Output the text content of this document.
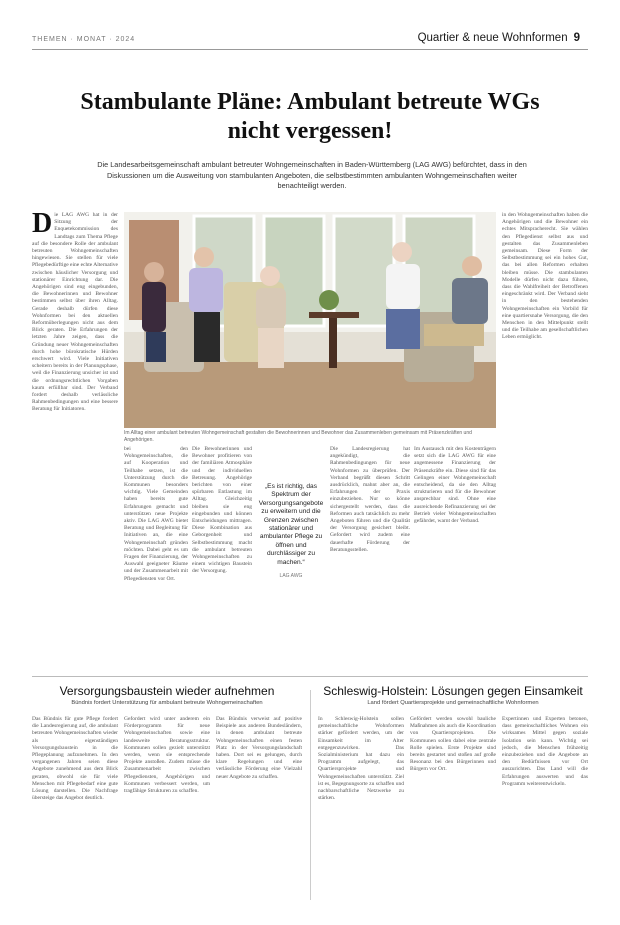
THEMEN · MONAT · 2024	Quartier & neue Wohnformen 9
Stambulante Pläne: Ambulant betreute WGs nicht vergessen!

Die Landesarbeitsgemeinschaft ambulant betreuter Wohngemeinschaften in Baden-Württemberg (LAG AWG) befürchtet, dass in den Diskussionen um die Ausweitung von stambulanten Angeboten, die selbstbestimmten ambulanten Wohngemeinschaften weiter benachteiligt werden.

Die LAG AWG hat in der Sitzung der Enquetekommission des Landtags zum Thema Pflege auf die besondere Rolle der ambulant betreuten Wohngemeinschaften hingewiesen. Sie stellen für viele Pflegebedürftige eine echte Alternative zwischen häuslicher Versorgung und stationärer Einrichtung dar. Die Angehörigen sind eng eingebunden, die Bewohnerinnen und Bewohner bestimmen selbst über ihren Alltag. Gerade deshalb dürfen diese Wohnformen bei den aktuellen Reformüberlegungen nicht aus dem Blick geraten. Die Erfahrungen der letzten Jahre zeigen, dass die Gründung neuer Wohngemeinschaften durch hohe bürokratische Hürden erschwert wird. Viele Initiativen scheitern bereits in der Planungsphase, weil die Finanzierung unsicher ist und die ordnungsrechtlichen Vorgaben kaum erfüllbar sind. Der Verband fordert deshalb verlässliche Rahmenbedingungen und eine bessere Beratung für Initiatoren.
Im Alltag einer ambulant betreuten Wohngemeinschaft gestalten die Bewohnerinnen und Bewohner das Zusammenleben gemeinsam mit Präsenzkräften und Angehörigen.
in den Wohngemeinschaften haben die Angehörigen und die Bewohner ein echtes Mitspracherecht. Sie wählen den Pflegedienst selbst aus und gestalten das Zusammenleben gemeinsam. Diese Form der Selbstbestimmung sei ein hohes Gut, das bei allen Reformen erhalten bleiben müsse. Die stambulanten Modelle dürfen nicht dazu führen, dass die Wahlfreiheit der Betroffenen eingeschränkt wird. Der Verband sieht in den bestehenden Wohngemeinschaften ein Vorbild für eine quartiersnahe Versorgung, die den Menschen in den Mittelpunkt stellt und die Teilhabe am gesellschaftlichen Leben ermöglicht.
bei den Wohngemeinschaften, die auf Kooperation und Teilhabe setzen, ist die Unterstützung durch die Kommunen besonders wichtig. Viele Gemeinden haben bereits gute Erfahrungen gemacht und unterstützen neue Projekte aktiv. Die LAG AWG bietet Beratung und Begleitung für Initiativen an, die eine Wohngemeinschaft gründen möchten. Dabei geht es um Fragen der Finanzierung, der Auswahl geeigneter Räume und der Zusammenarbeit mit Pflegediensten vor Ort.
Die Bewohnerinnen und Bewohner profitieren von der familiären Atmosphäre und der individuellen Betreuung. Angehörige berichten von einer spürbaren Entlastung im Alltag. Gleichzeitig bleiben sie eng eingebunden und können Entscheidungen mittragen. Diese Kombination aus Geborgenheit und Selbstbestimmung macht die ambulant betreuten Wohngemeinschaften zu einem wichtigen Baustein der Versorgung.
„Es ist richtig, das Spektrum der Versorgungsangebote zu erweitern und die Grenzen zwischen stationärer und ambulanter Pflege zu öffnen und durchlässiger zu machen.“
LAG AWG
Die Landesregierung hat angekündigt, die Rahmenbedingungen für neue Wohnformen zu überprüfen. Der Verband begrüßt diesen Schritt ausdrücklich, mahnt aber an, die Erfahrungen der Praxis einzubeziehen. Nur so könne sichergestellt werden, dass die Reformen auch tatsächlich zu mehr Angeboten führen und die Qualität der Versorgung gesichert bleibt. Gefordert wird zudem eine dauerhafte Förderung der Beratungsstellen.
Im Austausch mit den Kostenträgern setzt sich die LAG AWG für eine angemessene Finanzierung der Präsenzkräfte ein. Diese sind für das Gelingen einer Wohngemeinschaft entscheidend, da sie den Alltag strukturieren und für die Bewohner ansprechbar sind. Ohne eine ausreichende Refinanzierung sei der Betrieb vieler Wohngemeinschaften gefährdet, warnt der Verband.
Versorgungsbaustein wieder aufnehmen
Bündnis fordert Unterstützung für ambulant betreute Wohngemeinschaften
Das Bündnis für gute Pflege fordert die Landesregierung auf, die ambulant betreuten Wohngemeinschaften wieder als eigenständigen Versorgungsbaustein in die Pflegeplanung aufzunehmen. In den vergangenen Jahren seien diese Angebote zunehmend aus dem Blick geraten, obwohl sie für viele Menschen mit Pflegebedarf eine gute Lösung darstellen. Die Nachfrage übersteige das Angebot deutlich.
Gefordert wird unter anderem ein Förderprogramm für neue Wohngemeinschaften sowie eine landesweite Beratungsstruktur. Kommunen sollen gezielt unterstützt werden, wenn sie entsprechende Projekte anstoßen. Zudem müsse die Zusammenarbeit zwischen Pflegediensten, Angehörigen und Kommunen verbessert werden, um tragfähige Strukturen zu schaffen.
Das Bündnis verweist auf positive Beispiele aus anderen Bundesländern, in denen ambulant betreute Wohngemeinschaften einen festen Platz in der Versorgungslandschaft haben. Dort sei es gelungen, durch klare Regelungen und eine verlässliche Förderung eine Vielzahl neuer Angebote zu schaffen.
Schleswig-Holstein: Lösungen gegen Einsamkeit
Land fördert Quartiersprojekte und gemeinschaftliche Wohnformen
In Schleswig-Holstein sollen gemeinschaftliche Wohnformen stärker gefördert werden, um der Einsamkeit im Alter entgegenzuwirken. Das Sozialministerium hat dazu ein Programm aufgelegt, das Quartiersprojekte und Wohngemeinschaften unterstützt. Ziel ist es, Begegnungsorte zu schaffen und nachbarschaftliche Netzwerke zu stärken.
Gefördert werden sowohl bauliche Maßnahmen als auch die Koordination von Quartiersprojekten. Die Kommunen sollen dabei eine zentrale Rolle spielen. Erste Projekte sind bereits gestartet und stoßen auf große Resonanz bei den Bürgerinnen und Bürgern vor Ort.
Expertinnen und Experten betonen, dass gemeinschaftliches Wohnen ein wirksames Mittel gegen soziale Isolation sein kann. Wichtig sei jedoch, die Menschen frühzeitig einzubeziehen und die Angebote an den Bedürfnissen vor Ort auszurichten. Das Land will die Erfahrungen auswerten und das Programm weiterentwickeln.
